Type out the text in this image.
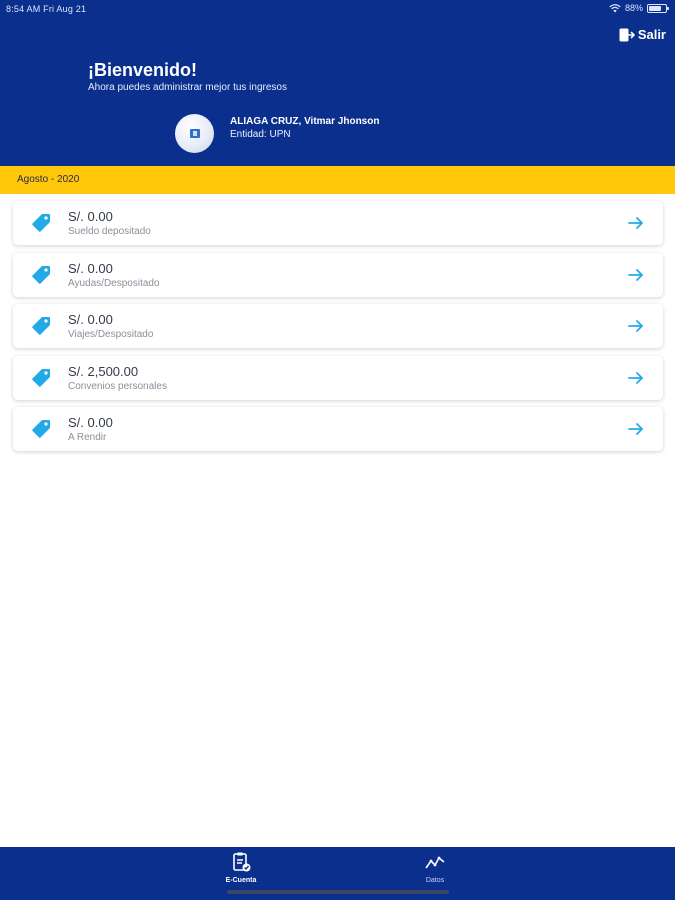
8:54 AM Fri Aug 21	88%
Salir
¡Bienvenido!
Ahora puedes administrar mejor tus ingresos
ALIAGA CRUZ, Vitmar Jhonson
Entidad: UPN
Agosto - 2020
S/. 0.00
Sueldo depositado
S/. 0.00
Ayudas/Despositado
S/. 0.00
Viajes/Despositado
S/. 2,500.00
Convenios personales
S/. 0.00
A Rendir
E-Cuenta	Datos
